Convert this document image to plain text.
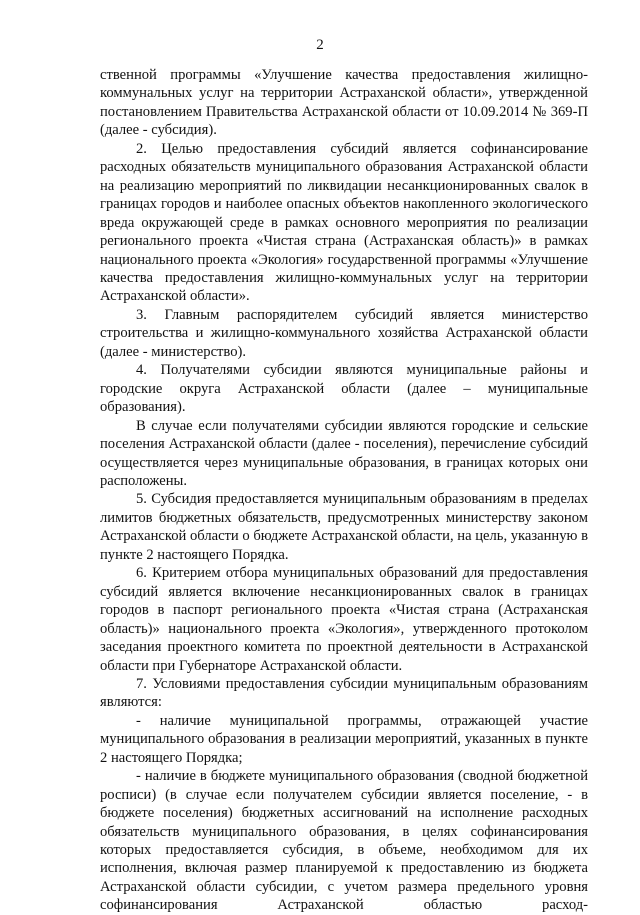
2

ственной программы «Улучшение качества предоставления жилищно-коммунальных услуг на территории Астраханской области», утвержденной постановлением Правительства Астраханской области от 10.09.2014 № 369-П (далее - субсидия).

2. Целью предоставления субсидий является софинансирование расходных обязательств муниципального образования Астраханской области на реализацию мероприятий по ликвидации несанкционированных свалок в границах городов и наиболее опасных объектов накопленного экологического вреда окружающей среде в рамках основного мероприятия по реализации регионального проекта «Чистая страна (Астраханская область)» в рамках национального проекта «Экология» государственной программы «Улучшение качества предоставления жилищно-коммунальных услуг на территории Астраханской области».

3. Главным распорядителем субсидий является министерство строительства и жилищно-коммунального хозяйства Астраханской области (далее - министерство).

4. Получателями субсидии являются муниципальные районы и городские округа Астраханской области (далее – муниципальные образования).

В случае если получателями субсидии являются городские и сельские поселения Астраханской области (далее - поселения), перечисление субсидий осуществляется через муниципальные образования, в границах которых они расположены.

5. Субсидия предоставляется муниципальным образованиям в пределах лимитов бюджетных обязательств, предусмотренных министерству законом Астраханской области о бюджете Астраханской области, на цель, указанную в пункте 2 настоящего Порядка.

6. Критерием отбора муниципальных образований для предоставления субсидий является включение несанкционированных свалок в границах городов в паспорт регионального проекта «Чистая страна (Астраханская область)» национального проекта «Экология», утвержденного протоколом заседания проектного комитета по проектной деятельности в Астраханской области при Губернаторе Астраханской области.

7. Условиями предоставления субсидии муниципальным образованиям являются:

- наличие муниципальной программы, отражающей участие муниципального образования в реализации мероприятий, указанных в пункте 2 настоящего Порядка;

- наличие в бюджете муниципального образования (сводной бюджетной росписи) (в случае если получателем субсидии является поселение, - в бюджете поселения) бюджетных ассигнований на исполнение расходных обязательств муниципального образования, в целях софинансирования которых предоставляется субсидия, в объеме, необходимом для их исполнения, включая размер планируемой к предоставлению из бюджета Астраханской области субсидии, с учетом размера предельного уровня софинансирования Астраханской областью расход-
